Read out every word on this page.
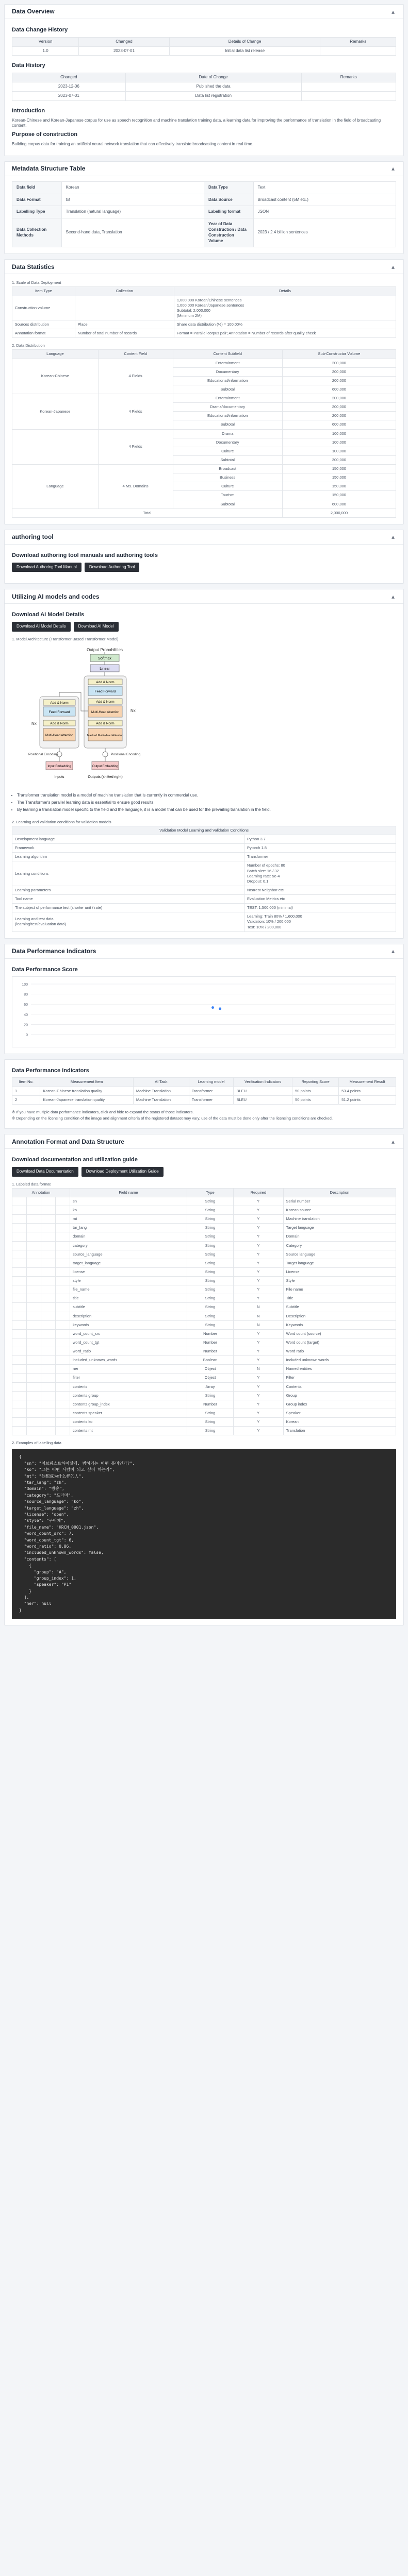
Data Overview	▼
Data Change History
Version	Changed	Details of Change	Remarks
1.0	2023-07-01	Initial data list release	
Data History
Changed	Date of Change	Remarks
2023-12-06	Published the data	
2023-07-01	Data list registration	
Introduction
Korean-Chinese and Korean-Japanese corpus for use as speech recognition and machine translation training data, a learning data for improving the performance of translation in the field of broadcasting content.
Purpose of construction
Building corpus data for training an artificial neural network translation that can effectively translate broadcasting content in real time.
Metadata Structure Table	▼
Data field	Korean	Data Type	Text
Data Format	txt	Data Source	Broadcast content (5M etc.)
Labelling Type	Translation (natural language)	Labelling format	JSON
Data Collection Methods	Second-hand data, Translation	Year of Data Construction / Data Construction Volume	2023 / 2.4 billion sentences
Data Statistics	▼
1. Scale of Data Deployment
Item Type	Collection	Details
Construction volume		1,000,000 Korean/Chinese sentences
1,000,000 Korean/Japanese sentences
Subtotal: 2,000,000
(Minimum 2M)
Sources distribution	Place	Share data distribution (%) = 100.00%
Annotation format	Number of total number of records	Format = Parallel corpus pair; Annotation = Number of records after quality check
2. Data Distribution
Language	Content Field	Content Subfield	Sub-Constructor Volume
Korean-Chinese	4 Fields	Entertainment	200,000
		Documentary	200,000
		Educational/information	200,000
		Subtotal	600,000
Korean-Japanese	4 Fields	Entertainment	200,000
		Drama/documentary	200,000
		Educational/information	200,000
		Subtotal	600,000
	4 Fields	Drama	100,000
		Documentary	100,000
		Culture	100,000
		Subtotal	300,000
Language	4 Ms. Domains	Broadcast	150,000
		Business	150,000
		Culture	150,000
		Tourism	150,000
		Subtotal	600,000
Total			2,000,000
authoring tool	▼
Download authoring tool manuals and authoring tools
Download Authoring Tool Manual	Download Authoring Tool
Utilizing AI models and codes	▼
Download AI Model Details
Download AI Model Details	Download AI Model
1. Model Architecture (Transformer Based Transformer Model)
Output Probabilities
Softmax
Linear
Add & Norm
Feed Forward
Add & Norm
Multi-Head Attention
Add & Norm
Masked Multi-Head Attention
Nx
Add & Norm
Feed Forward
Add & Norm
Multi-Head Attention
Nx
Positional Encoding	Positional Encoding
Input Embedding	Output Embedding
Inputs	Outputs (shifted right)
• Transformer translation model is a model of machine translation that is currently in commercial use.
• The Transformer's parallel learning data is essential to ensure good results.
• By learning a translation model specific to the field and the language, it is a model that can be used for the prevailing translation in the field.
2. Learning and validation conditions for validation models
Validation Model Learning and Validation Conditions	
Development language	Python 3.7
Framework	Pytorch 1.8
Learning algorithm	Transformer
Learning conditions	Number of epochs: 80
Batch size: 16 / 32
Learning rate: 5e-4
Dropout: 0.1
Learning parameters	Nearest Neighbor etc
Tool name	Evaluation Metrics etc
The subject of performance test (shorter unit / rate)	TEST: 1,500,000 (minimal)
Learning and test data
(learning/test/evaluation data)	Learning: Train 80% / 1,600,000
Validation: 10% / 200,000
Test: 10% / 200,000
Data Performance Indicators	▼
Data Performance Score
100
80
60
40
20
0
Data Performance Indicators
Item No.	Measurement Item	AI Task	Learning model	Verification Indicators	Reporting Score	Measurement Result
1	Korean-Chinese translation quality	Machine Translation	Transformer	BLEU	50 points	53.4 points
2	Korean-Japanese translation quality	Machine Translation	Transformer	BLEU	50 points	51.2 points
※ If you have multiple data performance indicators, click and hide to expand the status of those indicators.
※ Depending on the licensing condition of the image and alignment criteria of the registered dataset may vary, use of the data must be done only after the licensing conditions are checked.
Annotation Format and Data Structure	▼
Download documentation and utilization guide
Download Data Documentation	Download Deployment Utilization Guide
1. Labeled data format
Annotation				Field name	Type	Required	Description
				sn	String	Y	Serial number
				ko	String	Y	Korean source
				mt	String	Y	Machine translation
				tar_lang	String	Y	Target language
				domain	String	Y	Domain
				category	String	Y	Category
				source_language	String	Y	Source language
				target_language	String	Y	Target language
				license	String	Y	License
				style	String	Y	Style
				file_name	String	Y	File name
				title	String	Y	Title
				subtitle	String	N	Subtitle
				description	String	N	Description
				keywords	String	N	Keywords
				word_count_src	Number	Y	Word count (source)
				word_count_tgt	Number	Y	Word count (target)
				word_ratio	Number	Y	Word ratio
				included_unknown_words	Boolean	Y	Included unknown words
				ner	Object	N	Named entities
				filter	Object	Y	Filter
				contents	Array	Y	Contents
				contents.group	String	Y	Group
				contents.group_index	Number	Y	Group index
				contents.speaker	String	Y	Speaker
				contents.ko	String	Y	Korean
				contents.mt	String	Y	Translation
2. Examples of labelling data
{
"sn": "어브림스트하이널에, 범허커는 어떤 흥미인가?",
"ko": "그는 어떤 사람이 되고 싶어 하는가",
"mt": "他想成为什么样的人",
"tar_lang": "zh",
"domain": "방송",
"category": "드라마",
"source_language": "ko",
"target_language": "zh",
"license": "open",
"style": "구어체",
"file_name": "KRCN_0001.json",
"word_count_src": 7,
"word_count_tgt": 6,
"word_ratio": 0.86,
"included_unknown_words": false,
"contents": [
{
"group": "A",
"group_index": 1,
"speaker": "P1"
}
],
"ner": null
}
